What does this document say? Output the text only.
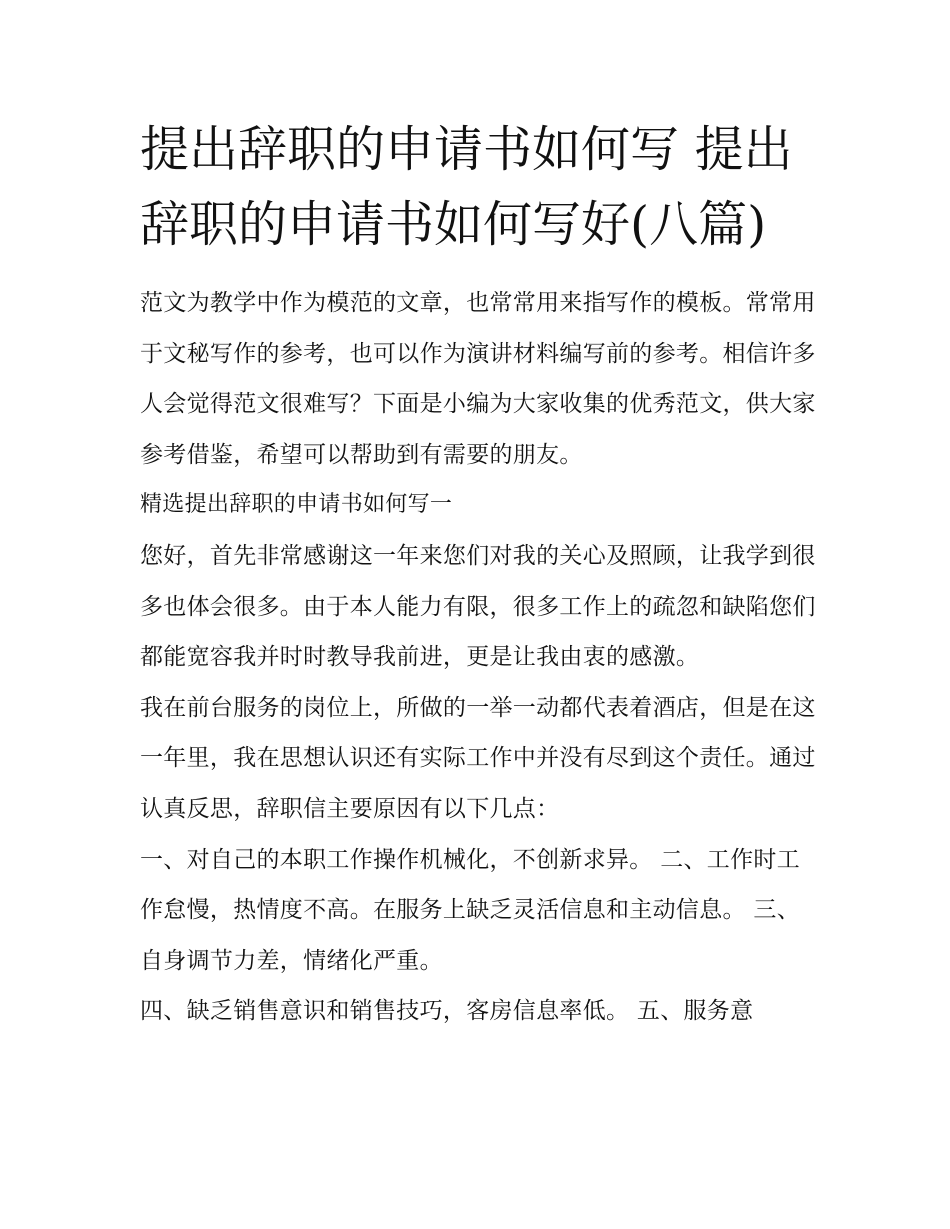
提出辞职的申请书如何写 提出辞职的申请书如何写好(八篇)

范文为教学中作为模范的文章，也常常用来指写作的模板。常常用于文秘写作的参考，也可以作为演讲材料编写前的参考。相信许多人会觉得范文很难写？下面是小编为大家收集的优秀范文，供大家参考借鉴，希望可以帮助到有需要的朋友。

精选提出辞职的申请书如何写一

您好，首先非常感谢这一年来您们对我的关心及照顾，让我学到很多也体会很多。由于本人能力有限，很多工作上的疏忽和缺陷您们都能宽容我并时时教导我前进，更是让我由衷的感激。

我在前台服务的岗位上，所做的一举一动都代表着酒店，但是在这一年里，我在思想认识还有实际工作中并没有尽到这个责任。通过认真反思，辞职信主要原因有以下几点：

一、对自己的本职工作操作机械化，不创新求异。 二、工作时工作怠慢，热情度不高。在服务上缺乏灵活信息和主动信息。 三、自身调节力差，情绪化严重。

四、缺乏销售意识和销售技巧，客房信息率低。 五、服务意
